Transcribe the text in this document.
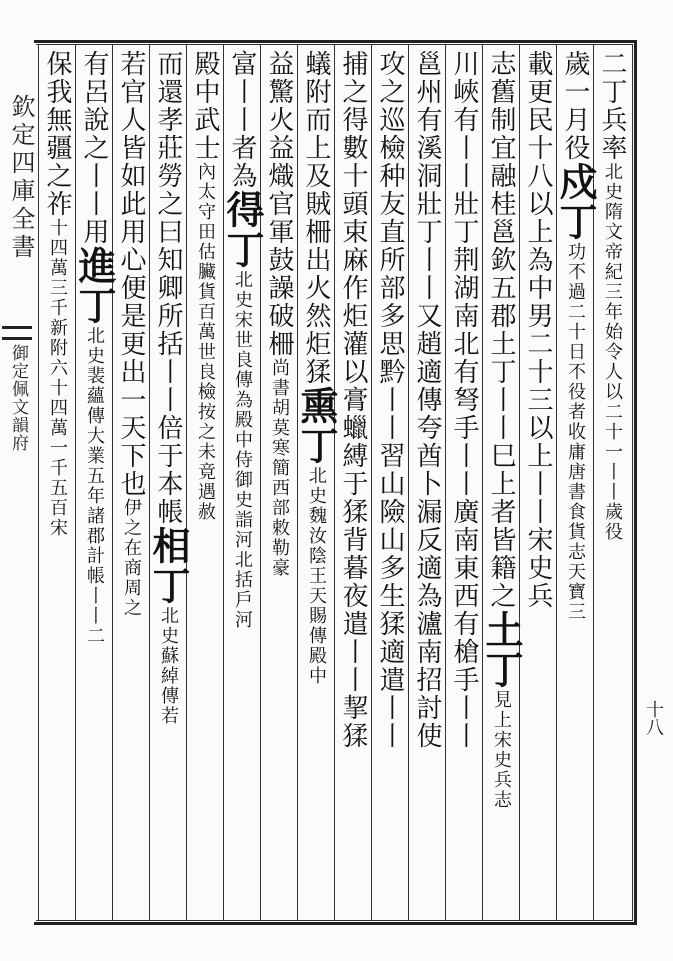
欽定四庫全書
御定佩文韻府
二丁兵率北史隋文帝紀三年始令人以二十一丨丨歲役
歲一月役戍丁功不過二十日不役者收庸唐書食貨志天寶三
載更民十八以上為中男二十三以上丨丨宋史兵
志舊制宜融桂邕欽五郡土丁丨丨巳上者皆籍之土丁見上宋史兵志
川峽有丨丨壯丁荆湖南北有弩手丨丨廣南東西有槍手丨丨
邕州有溪洞壯丁丨丨又趙適傳夸酋卜漏反適為瀘南招討使
攻之巡檢种友直所部多思黔丨丨習山險山多生猱適遣丨丨
捕之得數十頭束麻作炬灌以膏蠟縛于猱背暮夜遣丨丨挈猱
蟻附而上及賊柵出火然炬猱熏丁北史魏汝陰王天賜傳殿中
益驚火益熾官軍鼓譟破柵尚書胡莫寒簡西部敕勒豪
富丨丨者為得丁北史宋世良傳為殿中侍御史詣河北括戶河
殿中武士內太守田估臟貨百萬世良檢按之未竟遇赦
而還孝莊勞之曰知卿所括丨丨倍于本帳相丁北史蘇綽傳若
若官人皆如此用心便是更出一天下也伊之在商周之
有呂說之丨丨用進丁北史裴蘊傳大業五年諸郡計帳丨丨二
保我無疆之祚十四萬三千新附六十四萬一千五百宋
十八
